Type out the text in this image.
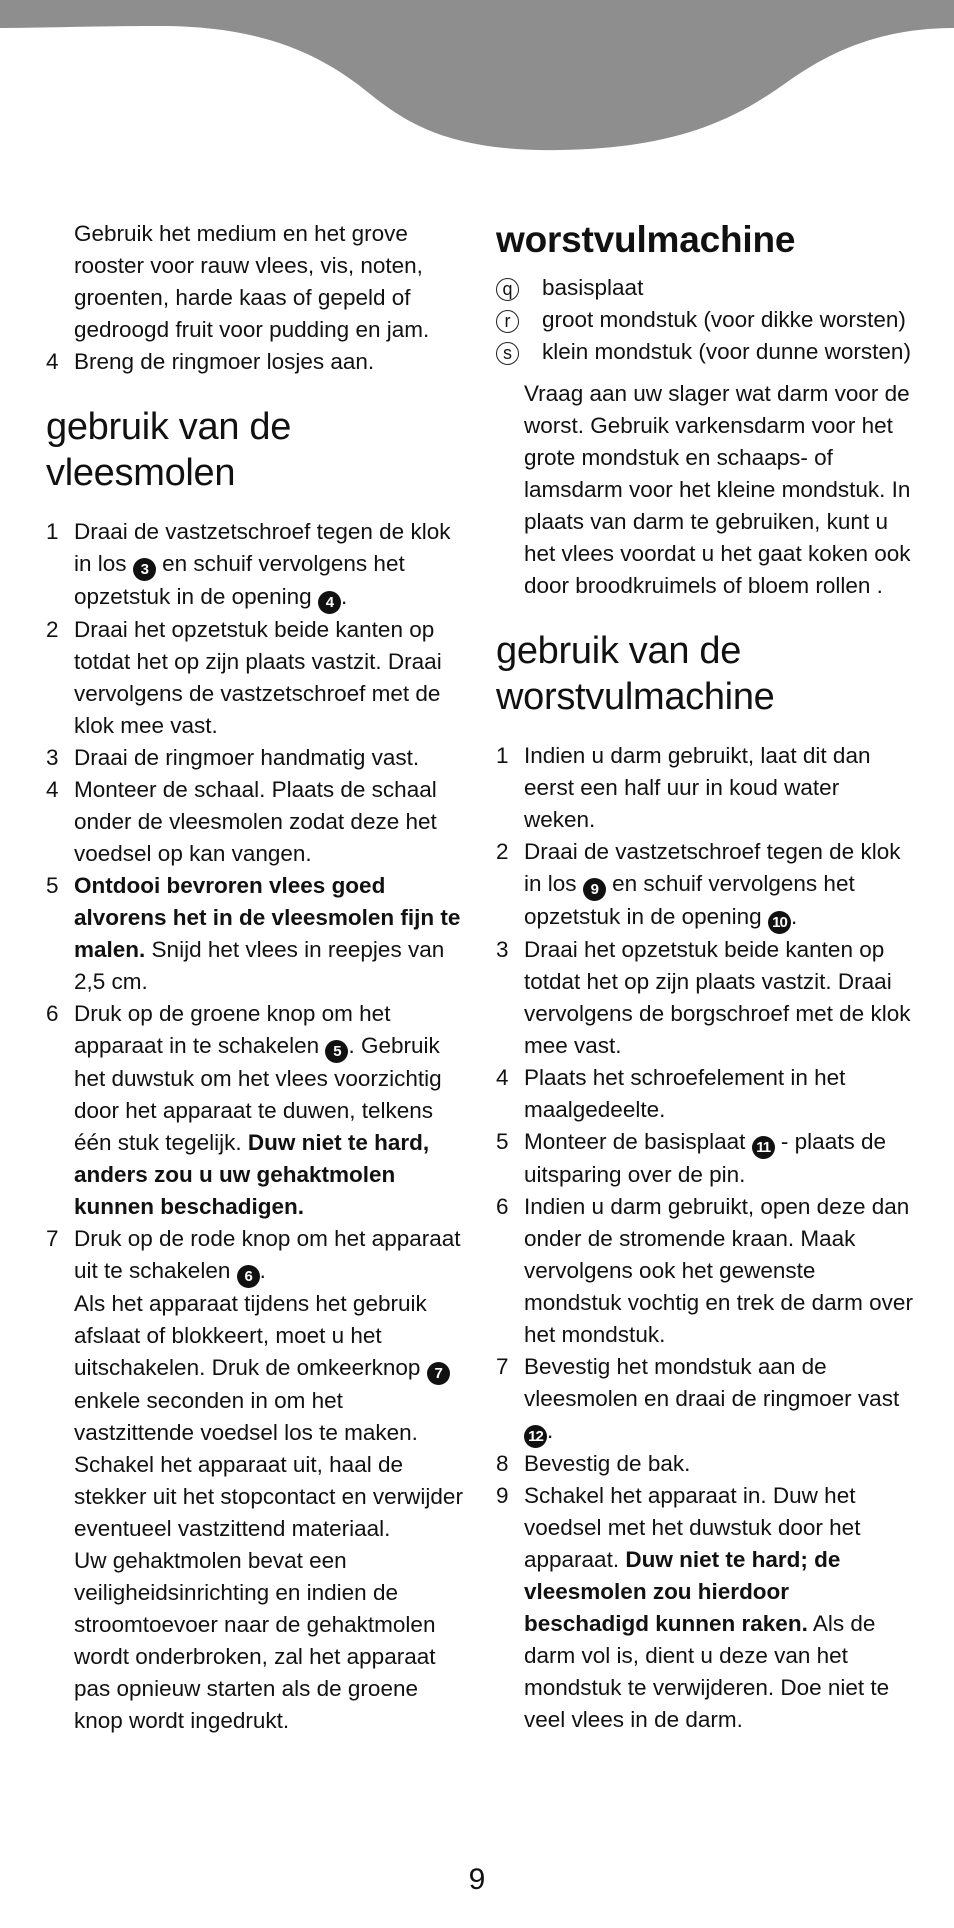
Gebruik het medium en het grove rooster voor rauw vlees, vis, noten, groenten, harde kaas of gepeld of gedroogd fruit voor pudding en jam.

4 Breng de ringmoer losjes aan.
gebruik van de vleesmolen
1 Draai de vastzetschroef tegen de klok in los 3 en schuif vervolgens het opzetstuk in de opening 4 .
2 Draai het opzetstuk beide kanten op totdat het op zijn plaats vastzit. Draai vervolgens de vastzetschroef met de klok mee vast.
3 Draai de ringmoer handmatig vast.
4 Monteer de schaal. Plaats de schaal onder de vleesmolen zodat deze het voedsel op kan vangen.
5 Ontdooi bevroren vlees goed alvorens het in de vleesmolen fijn te malen. Snijd het vlees in reepjes van 2,5 cm.
6 Druk op de groene knop om het apparaat in te schakelen 5 . Gebruik het duwstuk om het vlees voorzichtig door het apparaat te duwen, telkens één stuk tegelijk. Duw niet te hard, anders zou u uw gehaktmolen kunnen beschadigen.
7 Druk op de rode knop om het apparaat uit te schakelen 6 .
Als het apparaat tijdens het gebruik afslaat of blokkeert, moet u het uitschakelen. Druk de omkeerknop 7 enkele seconden in om het vastzittende voedsel los te maken. Schakel het apparaat uit, haal de stekker uit het stopcontact en verwijder eventueel vastzittend materiaal.
Uw gehaktmolen bevat een veiligheidsinrichting en indien de stroomtoevoer naar de gehaktmolen wordt onderbroken, zal het apparaat pas opnieuw starten als de groene knop wordt ingedrukt.
worstvulmachine
q	basisplaat
r	groot mondstuk (voor dikke worsten)
s	klein mondstuk (voor dunne worsten)

Vraag aan uw slager wat darm voor de worst. Gebruik varkensdarm voor het grote mondstuk en schaaps- of lamsdarm voor het kleine mondstuk. In plaats van darm te gebruiken, kunt u het vlees voordat u het gaat koken ook door broodkruimels of bloem rollen .

gebruik van de worstvulmachine
1 Indien u darm gebruikt, laat dit dan eerst een half uur in koud water weken.
2 Draai de vastzetschroef tegen de klok in los 9 en schuif vervolgens het opzetstuk in de opening 10 .
3 Draai het opzetstuk beide kanten op totdat het op zijn plaats vastzit. Draai vervolgens de borgschroef met de klok mee vast.
4 Plaats het schroefelement in het maalgedeelte.
5 Monteer de basisplaat 11 - plaats de uitsparing over de pin.
6 Indien u darm gebruikt, open deze dan onder de stromende kraan. Maak vervolgens ook het gewenste mondstuk vochtig en trek de darm over het mondstuk.
7 Bevestig het mondstuk aan de vleesmolen en draai de ringmoer vast 12 .
8 Bevestig de bak.
9 Schakel het apparaat in. Duw het voedsel met het duwstuk door het apparaat. Duw niet te hard; de vleesmolen zou hierdoor beschadigd kunnen raken. Als de darm vol is, dient u deze van het mondstuk te verwijderen. Doe niet te veel vlees in de darm.
9
